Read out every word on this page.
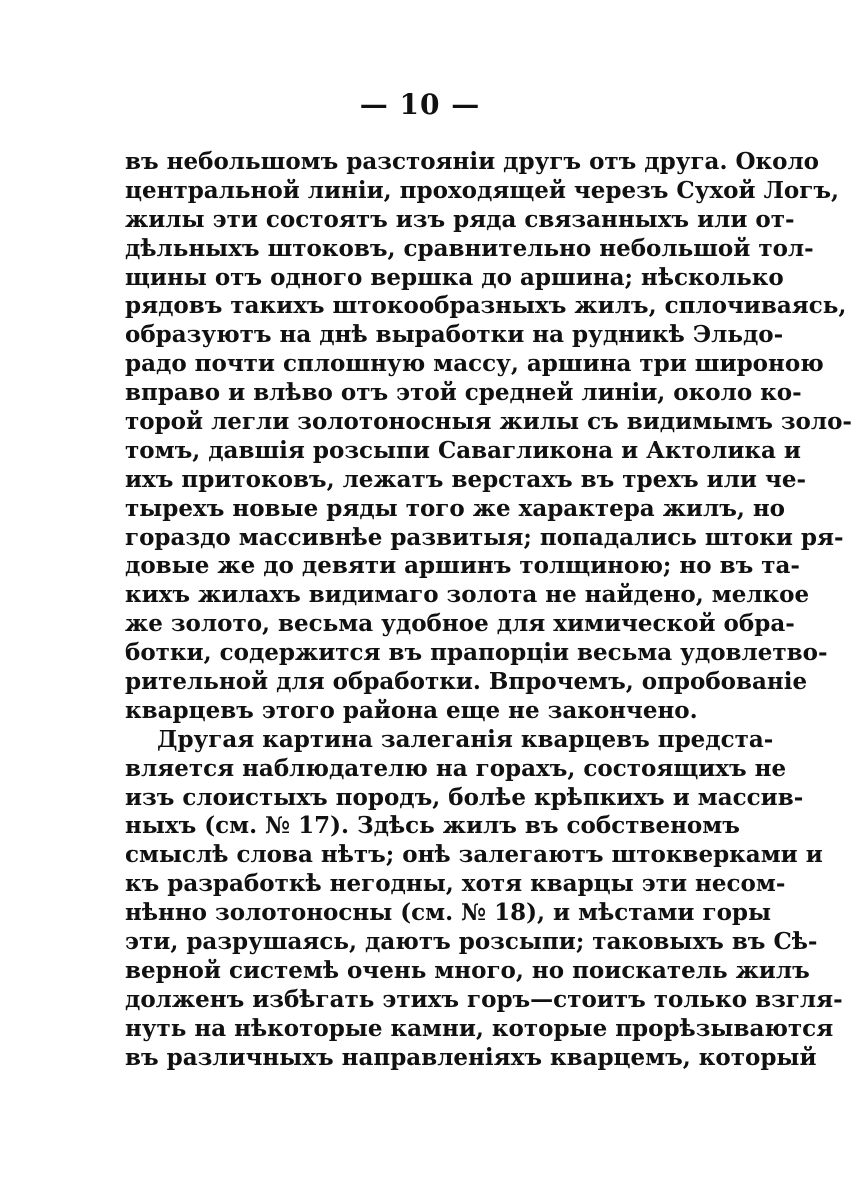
— 10 —
въ небольшомъ разстоянiи другъ отъ друга. Около
центральной линiи, проходящей черезъ Сухой Логъ,
жилы эти состоятъ изъ ряда связанныхъ или от-
дѣльныхъ штоковъ, сравнительно небольшой тол-
щины отъ одного вершка до аршина; нѣсколько
рядовъ такихъ штокообразныхъ жилъ, сплочиваясь,
образуютъ на днѣ выработки на рудникѣ Эльдо-
радо почти сплошную массу, аршина три широною
вправо и влѣво отъ этой средней линiи, около ко-
торой легли золотоносныя жилы съ видимымъ золо-
томъ, давшiя розсыпи Савагликона и Актолика и
ихъ притоковъ, лежатъ верстахъ въ трехъ или че-
тырехъ новые ряды того же характера жилъ, но
гораздо массивнѣе развитыя; попадались штоки ря-
довые же до девяти аршинъ толщиною; но въ та-
кихъ жилахъ видимаго золота не найдено, мелкое
же золото, весьма удобное для химической обра-
ботки, содержится въ прапорцiи весьма удовлетво-
рительной для обработки. Впрочемъ, опробованiе
кварцевъ этого района еще не закончено.
Другая картина залеганiя кварцевъ предста-
вляется наблюдателю на горахъ, состоящихъ не
изъ слоистыхъ породъ, болѣе крѣпкихъ и массив-
ныхъ (см. № 17). Здѣсь жилъ въ собственомъ
смыслѣ слова нѣтъ; онѣ залегаютъ штокверками и
къ разработкѣ негодны, хотя кварцы эти несом-
нѣнно золотоносны (см. № 18), и мѣстами горы
эти, разрушаясь, даютъ розсыпи; таковыхъ въ Сѣ-
верной системѣ очень много, но поискатель жилъ
долженъ избѣгать этихъ горъ—стоитъ только взгля-
нуть на нѣкоторые камни, которые прорѣзываются
въ различныхъ направленiяхъ кварцемъ, который
